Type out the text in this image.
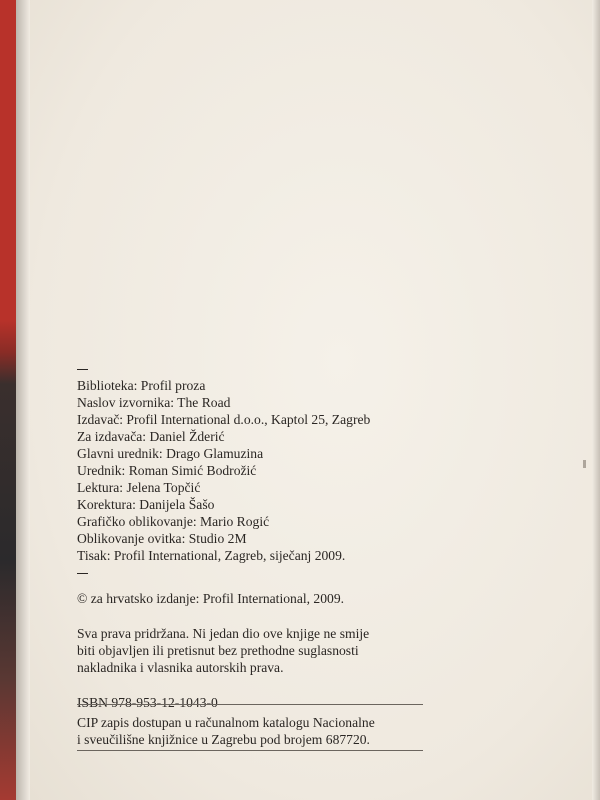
Biblioteka: Profil proza
Naslov izvornika: The Road
Izdavač: Profil International d.o.o., Kaptol 25, Zagreb
Za izdavača: Daniel Žderić
Glavni urednik: Drago Glamuzina
Urednik: Roman Simić Bodrožić
Lektura: Jelena Topčić
Korektura: Danijela Šašo
Grafičko oblikovanje: Mario Rogić
Oblikovanje ovitka: Studio 2M
Tisak: Profil International, Zagreb, siječanj 2009.
© za hrvatsko izdanje: Profil International, 2009.
Sva prava pridržana. Ni jedan dio ove knjige ne smije
biti objavljen ili pretisnut bez prethodne suglasnosti
nakladnika i vlasnika autorskih prava.
ISBN 978-953-12-1043-0
CIP zapis dostupan u računalnom katalogu Nacionalne
i sveučilišne knjižnice u Zagrebu pod brojem 687720.
